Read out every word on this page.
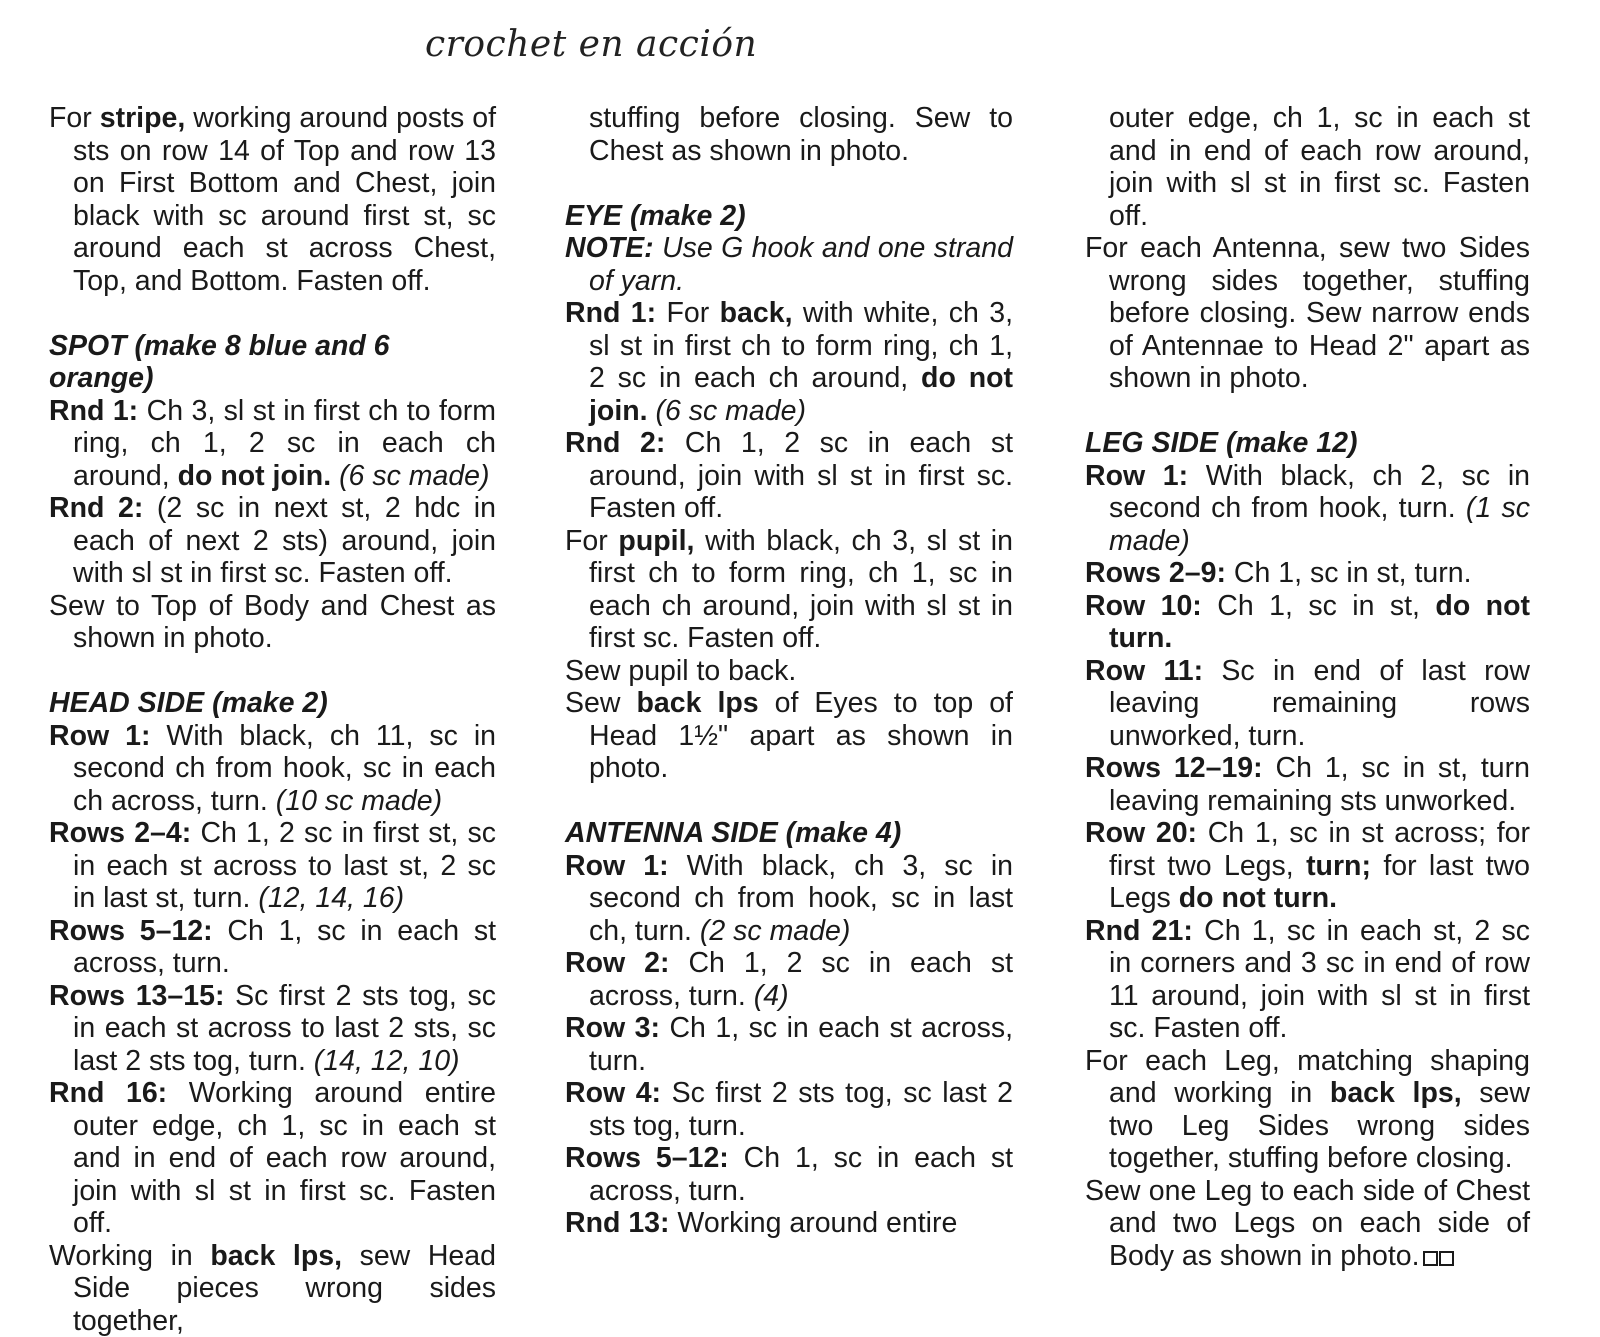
crochet en acción

For stripe, working around posts of sts on row 14 of Top and row 13 on First Bottom and Chest, join black with sc around first st, sc around each st across Chest, Top, and Bottom. Fasten off.

SPOT (make 8 blue and 6 orange)

Rnd 1: Ch 3, sl st in first ch to form ring, ch 1, 2 sc in each ch around, do not join. (6 sc made)

Rnd 2: (2 sc in next st, 2 hdc in each of next 2 sts) around, join with sl st in first sc. Fasten off.

Sew to Top of Body and Chest as shown in photo.

HEAD SIDE (make 2)

Row 1: With black, ch 11, sc in second ch from hook, sc in each ch across, turn. (10 sc made)

Rows 2–4: Ch 1, 2 sc in first st, sc in each st across to last st, 2 sc in last st, turn. (12, 14, 16)

Rows 5–12: Ch 1, sc in each st across, turn.

Rows 13–15: Sc first 2 sts tog, sc in each st across to last 2 sts, sc last 2 sts tog, turn. (14, 12, 10)

Rnd 16: Working around entire outer edge, ch 1, sc in each st and in end of each row around, join with sl st in first sc. Fasten off.

Working in back lps, sew Head Side pieces wrong sides together,

stuffing before closing. Sew to Chest as shown in photo.

EYE (make 2)

NOTE: Use G hook and one strand of yarn.

Rnd 1: For back, with white, ch 3, sl st in first ch to form ring, ch 1, 2 sc in each ch around, do not join. (6 sc made)

Rnd 2: Ch 1, 2 sc in each st around, join with sl st in first sc. Fasten off.

For pupil, with black, ch 3, sl st in first ch to form ring, ch 1, sc in each ch around, join with sl st in first sc. Fasten off.

Sew pupil to back.

Sew back lps of Eyes to top of Head 1½" apart as shown in photo.

ANTENNA SIDE (make 4)

Row 1: With black, ch 3, sc in second ch from hook, sc in last ch, turn. (2 sc made)

Row 2: Ch 1, 2 sc in each st across, turn. (4)

Row 3: Ch 1, sc in each st across, turn.

Row 4: Sc first 2 sts tog, sc last 2 sts tog, turn.

Rows 5–12: Ch 1, sc in each st across, turn.

Rnd 13: Working around entire

outer edge, ch 1, sc in each st and in end of each row around, join with sl st in first sc. Fasten off.

For each Antenna, sew two Sides wrong sides together, stuffing before closing. Sew narrow ends of Antennae to Head 2" apart as shown in photo.

LEG SIDE (make 12)

Row 1: With black, ch 2, sc in second ch from hook, turn. (1 sc made)

Rows 2–9: Ch 1, sc in st, turn.

Row 10: Ch 1, sc in st, do not turn.

Row 11: Sc in end of last row leaving remaining rows unworked, turn.

Rows 12–19: Ch 1, sc in st, turn leaving remaining sts unworked.

Row 20: Ch 1, sc in st across; for first two Legs, turn; for last two Legs do not turn.

Rnd 21: Ch 1, sc in each st, 2 sc in corners and 3 sc in end of row 11 around, join with sl st in first sc. Fasten off.

For each Leg, matching shaping and working in back lps, sew two Leg Sides wrong sides together, stuffing before closing.

Sew one Leg to each side of Chest and two Legs on each side of Body as shown in photo.
